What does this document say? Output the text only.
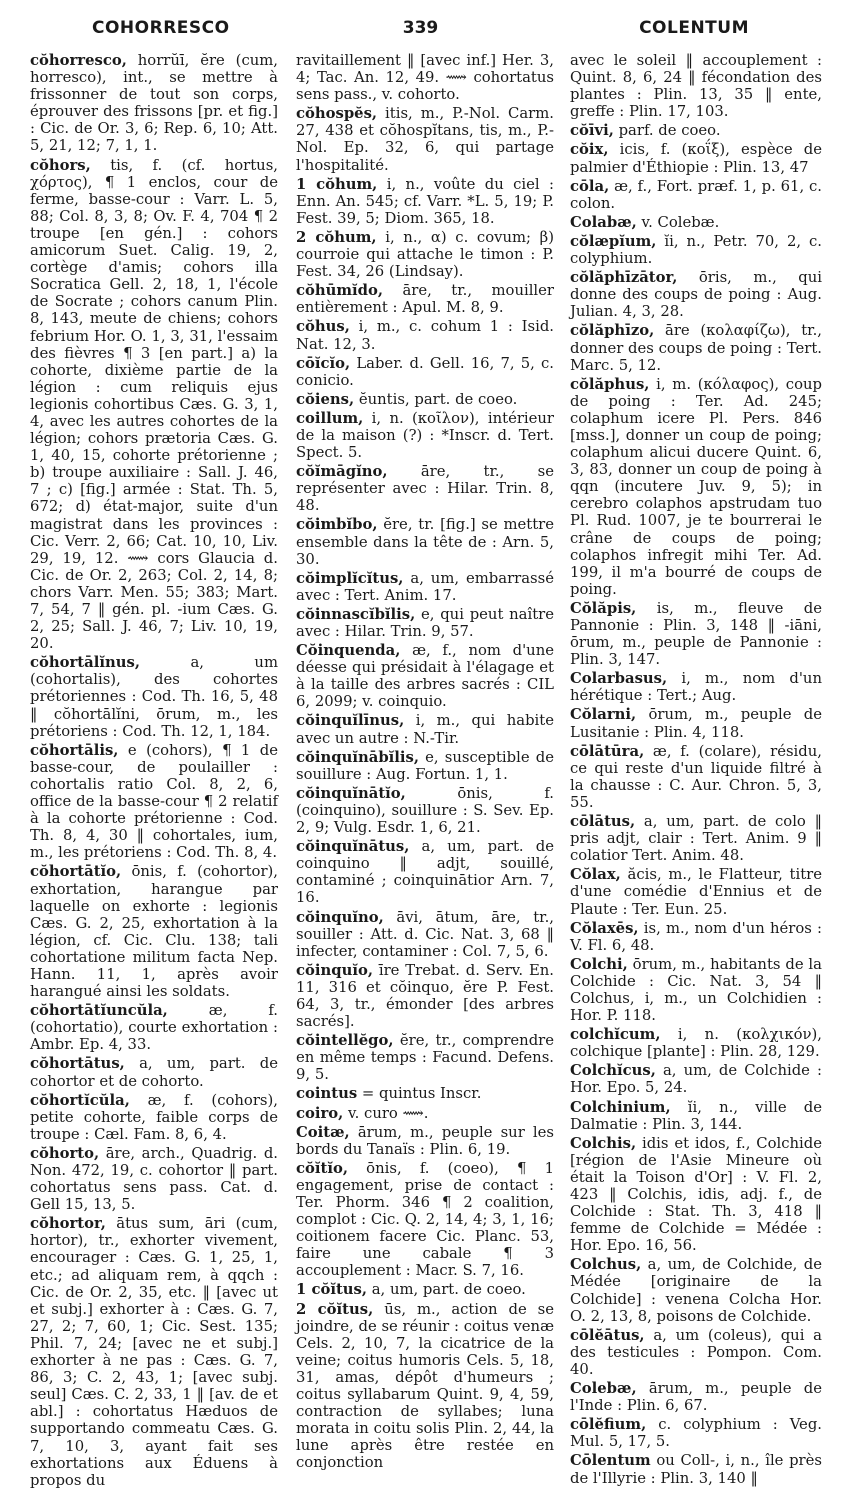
COHORRESCO	339	COLENTUM

cŏhorresco, horrŭī, ĕre (cum, horresco), int., se mettre à frissonner de tout son corps, éprouver des frissons [pr. et fig.] : Cic. de Or. 3, 6; Rep. 6, 10; Att. 5, 21, 12; 7, 1, 1.

cŏhors, tis, f. (cf. hortus, χόρτος), ¶ 1 enclos, cour de ferme, basse-cour : Varr. L. 5, 88; Col. 8, 3, 8; Ov. F. 4, 704 ¶ 2 troupe [en gén.] : cohors amicorum Suet. Calig. 19, 2, cortège d'amis; cohors illa Socratica Gell. 2, 18, 1, l'école de Socrate ; cohors canum Plin. 8, 143, meute de chiens; cohors febrium Hor. O. 1, 3, 31, l'essaim des fièvres ¶ 3 [en part.] a) la cohorte, dixième partie de la légion : cum reliquis ejus legionis cohortibus Cæs. G. 3, 1, 4, avec les autres cohortes de la légion; cohors prætoria Cæs. G. 1, 40, 15, cohorte prétorienne ; b) troupe auxiliaire : Sall. J. 46, 7 ; c) [fig.] armée : Stat. Th. 5, 672; d) état-major, suite d'un magistrat dans les provinces : Cic. Verr. 2, 66; Cat. 10, 10, Liv. 29, 19, 12. ⟿ cors Glaucia d. Cic. de Or. 2, 263; Col. 2, 14, 8; chors Varr. Men. 55; 383; Mart. 7, 54, 7 ‖ gén. pl. -ium Cæs. G. 2, 25; Sall. J. 46, 7; Liv. 10, 19, 20.

cŏhortālĭnus, a, um (cohortalis), des cohortes prétoriennes : Cod. Th. 16, 5, 48 ‖ cŏhortālĭni, ōrum, m., les prétoriens : Cod. Th. 12, 1, 184.

cŏhortālis, e (cohors), ¶ 1 de basse-cour, de poulailler : cohortalis ratio Col. 8, 2, 6, office de la basse-cour ¶ 2 relatif à la cohorte prétorienne : Cod. Th. 8, 4, 30 ‖ cohortales, ium, m., les prétoriens : Cod. Th. 8, 4.

cŏhortātĭo, ōnis, f. (cohortor), exhortation, harangue par laquelle on exhorte : legionis Cæs. G. 2, 25, exhortation à la légion, cf. Cic. Clu. 138; tali cohortatione militum facta Nep. Hann. 11, 1, après avoir harangué ainsi les soldats.

cŏhortātĭuncŭla, æ, f. (cohortatio), courte exhortation : Ambr. Ep. 4, 33.

cŏhortātus, a, um, part. de cohortor et de cohorto.

cŏhortĭcŭla, æ, f. (cohors), petite cohorte, faible corps de troupe : Cæl. Fam. 8, 6, 4.

cŏhorto, āre, arch., Quadrig. d. Non. 472, 19, c. cohortor ‖ part. cohortatus sens pass. Cat. d. Gell 15, 13, 5.

cŏhortor, ātus sum, āri (cum, hortor), tr., exhorter vivement, encourager : Cæs. G. 1, 25, 1, etc.; ad aliquam rem, à qqch : Cic. de Or. 2, 35, etc. ‖ [avec ut et subj.] exhorter à : Cæs. G. 7, 27, 2; 7, 60, 1; Cic. Sest. 135; Phil. 7, 24; [avec ne et subj.] exhorter à ne pas : Cæs. G. 7, 86, 3; C. 2, 43, 1; [avec subj. seul] Cæs. C. 2, 33, 1 ‖ [av. de et abl.] : cohortatus Hæduos de supportando commeatu Cæs. G. 7, 10, 3, ayant fait ses exhortations aux Éduens à propos du

ravitaillement ‖ [avec inf.] Her. 3, 4; Tac. An. 12, 49. ⟿ cohortatus sens pass., v. cohorto.

cŏhospĕs, itis, m., P.-Nol. Carm. 27, 438 et cŏhospĭtans, tis, m., P.-Nol. Ep. 32, 6, qui partage l'hospitalité.

1 cŏhum, i, n., voûte du ciel : Enn. An. 545; cf. Varr. *L. 5, 19; P. Fest. 39, 5; Diom. 365, 18.

2 cŏhum, i, n., α) c. covum; β) courroie qui attache le timon : P. Fest. 34, 26 (Lindsay).

cŏhūmĭdo, āre, tr., mouiller entièrement : Apul. M. 8, 9.

cŏhus, i, m., c. cohum 1 : Isid. Nat. 12, 3.

cōĭcĭo, Laber. d. Gell. 16, 7, 5, c. conicio.

cŏiens, ĕuntis, part. de coeo.

coillum, i, n. (κοῖλον), intérieur de la maison (?) : *Inscr. d. Tert. Spect. 5.

cŏĭmāgĭno, āre, tr., se représenter avec : Hilar. Trin. 8, 48.

cŏimbĭbo, ĕre, tr. [fig.] se mettre ensemble dans la tête de : Arn. 5, 30.

cŏimplĭcĭtus, a, um, embarrassé avec : Tert. Anim. 17.

cŏinnascĭbĭlis, e, qui peut naître avec : Hilar. Trin. 9, 57.

Cŏinquenda, æ, f., nom d'une déesse qui présidait à l'élagage et à la taille des arbres sacrés : CIL 6, 2099; v. coinquio.

cŏinquĭlīnus, i, m., qui habite avec un autre : N.-Tir.

cŏinquĭnābĭlis, e, susceptible de souillure : Aug. Fortun. 1, 1.

cŏinquĭnātĭo, ōnis, f. (coinquino), souillure : S. Sev. Ep. 2, 9; Vulg. Esdr. 1, 6, 21.

cŏinquĭnātus, a, um, part. de coinquino ‖ adjt, souillé, contaminé ; coinquinātior Arn. 7, 16.

cŏinquĭno, āvi, ātum, āre, tr., souiller : Att. d. Cic. Nat. 3, 68 ‖ infecter, contaminer : Col. 7, 5, 6.

cŏinquĭo, īre Trebat. d. Serv. En. 11, 316 et cŏinquo, ĕre P. Fest. 64, 3, tr., émonder [des arbres sacrés].

cŏintellĕgo, ĕre, tr., comprendre en même temps : Facund. Defens. 9, 5.

cointus = quintus Inscr.

coiro, v. curo ⟿.

Coitæ, ārum, m., peuple sur les bords du Tanaïs : Plin. 6, 19.

cŏĭtĭo, ōnis, f. (coeo), ¶ 1 engagement, prise de contact : Ter. Phorm. 346 ¶ 2 coalition, complot : Cic. Q. 2, 14, 4; 3, 1, 16; coitionem facere Cic. Planc. 53, faire une cabale ¶ 3 accouplement : Macr. S. 7, 16.

1 cŏĭtus, a, um, part. de coeo.

2 cŏĭtus, ūs, m., action de se joindre, de se réunir : coitus venæ Cels. 2, 10, 7, la cicatrice de la veine; coitus humoris Cels. 5, 18, 31, amas, dépôt d'humeurs ; coitus syllabarum Quint. 9, 4, 59, contraction de syllabes; luna morata in coitu solis Plin. 2, 44, la lune après être restée en conjonction

avec le soleil ‖ accouplement : Quint. 8, 6, 24 ‖ fécondation des plantes : Plin. 13, 35 ‖ ente, greffe : Plin. 17, 103.

cŏīvi, parf. de coeo.

cŏix, icis, f. (κοΐξ), espèce de palmier d'Éthiopie : Plin. 13, 47

cōla, æ, f., Fort. præf. 1, p. 61, c. colon.

Colabæ, v. Colebæ.

cŏlæpĭum, ĭi, n., Petr. 70, 2, c. colyphium.

cŏlăphīzātor, ōris, m., qui donne des coups de poing : Aug. Julian. 4, 3, 28.

cŏlăphīzo, āre (κολαφίζω), tr., donner des coups de poing : Tert. Marc. 5, 12.

cŏlăphus, i, m. (κόλαφος), coup de poing : Ter. Ad. 245; colaphum icere Pl. Pers. 846 [mss.], donner un coup de poing; colaphum alicui ducere Quint. 6, 3, 83, donner un coup de poing à qqn (incutere Juv. 9, 5); in cerebro colaphos apstrudam tuo Pl. Rud. 1007, je te bourrerai le crâne de coups de poing; colaphos infregit mihi Ter. Ad. 199, il m'a bourré de coups de poing.

Cŏlăpis, is, m., fleuve de Pannonie : Plin. 3, 148 ‖ -iāni, ōrum, m., peuple de Pannonie : Plin. 3, 147.

Colarbasus, i, m., nom d'un hérétique : Tert.; Aug.

Cŏlarni, ōrum, m., peuple de Lusitanie : Plin. 4, 118.

cōlātūra, æ, f. (colare), résidu, ce qui reste d'un liquide filtré à la chausse : C. Aur. Chron. 5, 3, 55.

cōlātus, a, um, part. de colo ‖ pris adjt, clair : Tert. Anim. 9 ‖ colatior Tert. Anim. 48.

Cŏlax, ăcis, m., le Flatteur, titre d'une comédie d'Ennius et de Plaute : Ter. Eun. 25.

Cŏlaxēs, is, m., nom d'un héros : V. Fl. 6, 48.

Colchi, ōrum, m., habitants de la Colchide : Cic. Nat. 3, 54 ‖ Colchus, i, m., un Colchidien : Hor. P. 118.

colchĭcum, i, n. (κολχικόν), colchique [plante] : Plin. 28, 129.

Colchĭcus, a, um, de Colchide : Hor. Epo. 5, 24.

Colchinium, ĭi, n., ville de Dalmatie : Plin. 3, 144.

Colchis, idis et idos, f., Colchide [région de l'Asie Mineure où était la Toison d'Or] : V. Fl. 2, 423 ‖ Colchis, idis, adj. f., de Colchide : Stat. Th. 3, 418 ‖ femme de Colchide = Médée : Hor. Epo. 16, 56.

Colchus, a, um, de Colchide, de Médée [originaire de la Colchide] : venena Colcha Hor. O. 2, 13, 8, poisons de Colchide.

cōlĕātus, a, um (coleus), qui a des testicules : Pompon. Com. 40.

Colebæ, ārum, m., peuple de l'Inde : Plin. 6, 67.

cōlĕfium, c. colyphium : Veg. Mul. 5, 17, 5.

Cōlentum ou Coll-, i, n., île près de l'Illyrie : Plin. 3, 140 ‖
